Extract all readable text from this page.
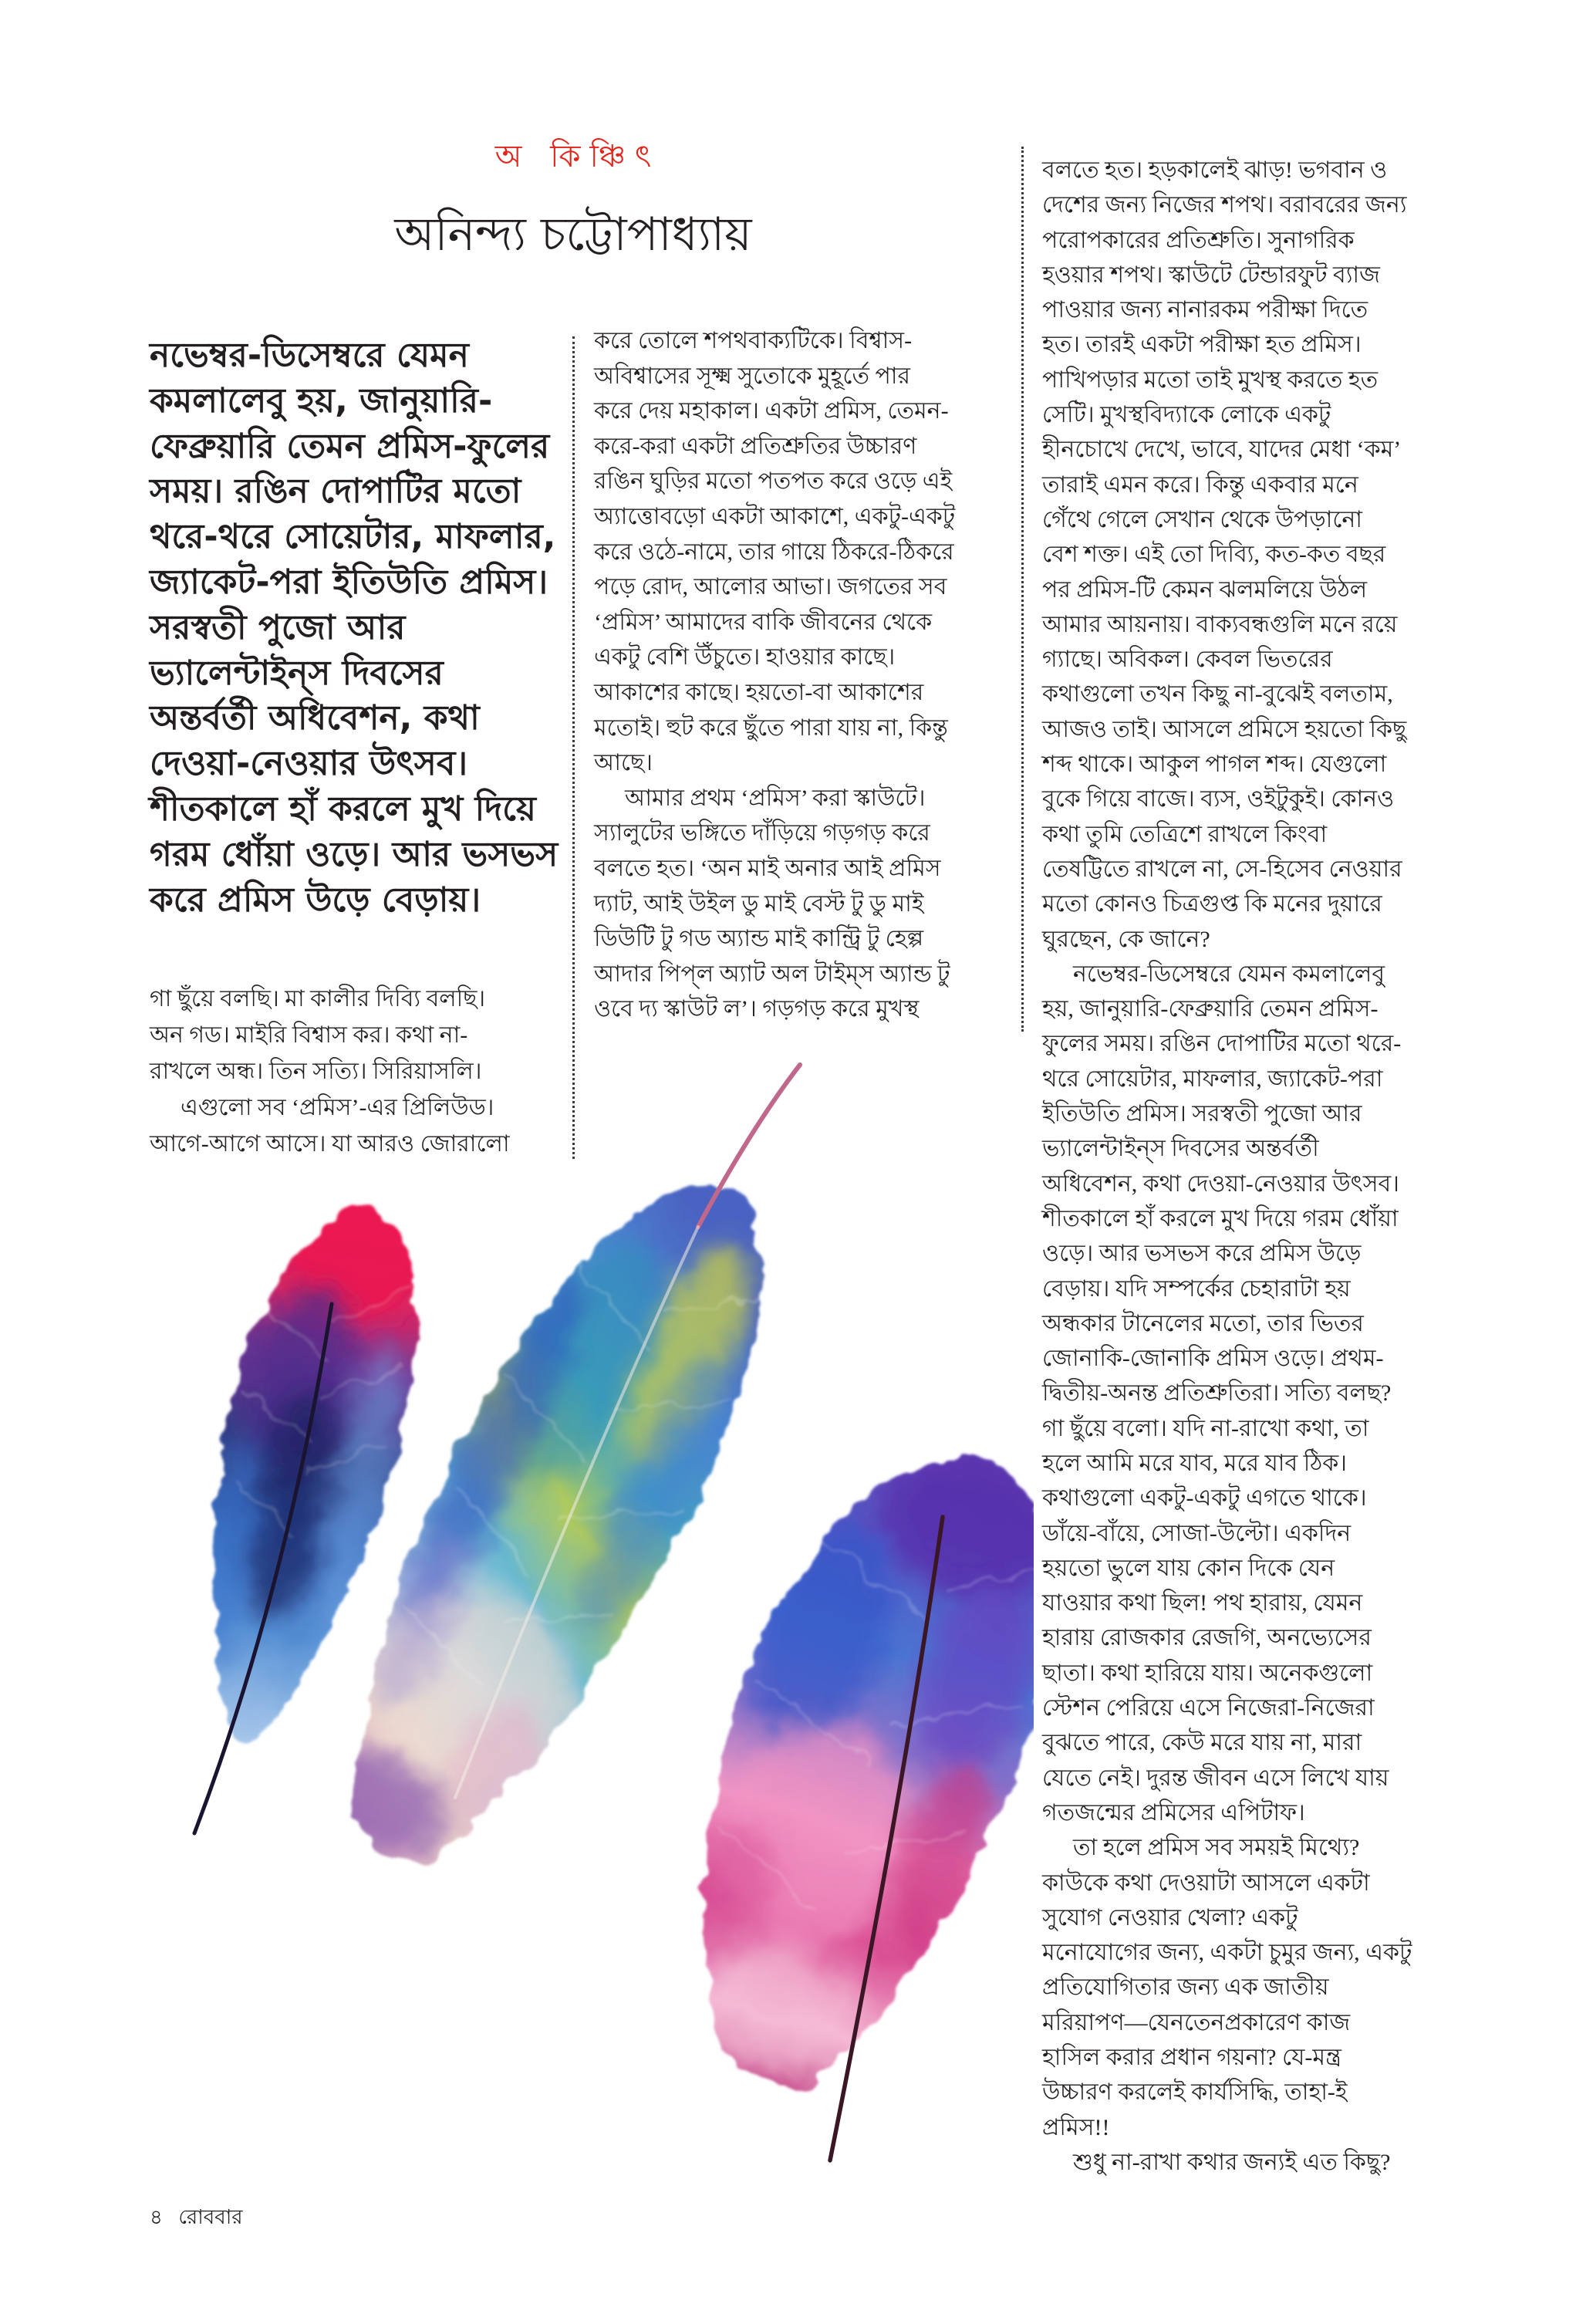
অ কিঞ্চিৎ
অনিন্দ্য চট্টোপাধ্যায়
নভেম্বর-ডিসেম্বরে যেমন
কমলালেবু হয়, জানুয়ারি-
ফেব্রুয়ারি তেমন প্রমিস-ফুলের
সময়। রঙিন দোপাটির মতো
থরে-থরে সোয়েটার, মাফলার,
জ্যাকেট-পরা ইতিউতি প্রমিস।
সরস্বতী পুজো আর
ভ্যালেন্টাইন্‌স দিবসের
অন্তর্বর্তী অধিবেশন, কথা
দেওয়া-নেওয়ার উৎসব।
শীতকালে হাঁ করলে মুখ দিয়ে
গরম ধোঁয়া ওড়ে। আর ভসভস
করে প্রমিস উড়ে বেড়ায়।
গা ছুঁয়ে বলছি। মা কালীর দিব্যি বলছি।
অন গড। মাইরি বিশ্বাস কর। কথা না-
রাখলে অন্ধ। তিন সত্যি। সিরিয়াসলি।
এগুলো সব ‘প্রমিস’-এর প্রিলিউড।
আগে-আগে আসে। যা আরও জোরালো
করে তোলে শপথবাক্যটিকে। বিশ্বাস-
অবিশ্বাসের সূক্ষ্ম সুতোকে মুহূর্তে পার
করে দেয় মহাকাল। একটা প্রমিস, তেমন-
করে-করা একটা প্রতিশ্রুতির উচ্চারণ
রঙিন ঘুড়ির মতো পতপত করে ওড়ে এই
অ্যাত্তোবড়ো একটা আকাশে, একটু-একটু
করে ওঠে-নামে, তার গায়ে ঠিকরে-ঠিকরে
পড়ে রোদ, আলোর আভা। জগতের সব
‘প্রমিস’ আমাদের বাকি জীবনের থেকে
একটু বেশি উঁচুতে। হাওয়ার কাছে।
আকাশের কাছে। হয়তো-বা আকাশের
মতোই। হুট করে ছুঁতে পারা যায় না, কিন্তু
আছে।
আমার প্রথম ‘প্রমিস’ করা স্কাউটে।
স্যালুটের ভঙ্গিতে দাঁড়িয়ে গড়গড় করে
বলতে হত। ‘অন মাই অনার আই প্রমিস
দ্যাট, আই উইল ডু মাই বেস্ট টু ডু মাই
ডিউটি টু গড অ্যান্ড মাই কান্ট্রি টু হেল্প
আদার পিপ্‌ল অ্যাট অল টাইম্‌স অ্যান্ড টু
ওবে দ্য স্কাউট ল’। গড়গড় করে মুখস্থ
বলতে হত। হড়কালেই ঝাড়! ভগবান ও
দেশের জন্য নিজের শপথ। বরাবরের জন্য
পরোপকারের প্রতিশ্রুতি। সুনাগরিক
হওয়ার শপথ। স্কাউটে টেন্ডারফুট ব্যাজ
পাওয়ার জন্য নানারকম পরীক্ষা দিতে
হত। তারই একটা পরীক্ষা হত প্রমিস।
পাখিপড়ার মতো তাই মুখস্থ করতে হত
সেটি। মুখস্থবিদ্যাকে লোকে একটু
হীনচোখে দেখে, ভাবে, যাদের মেধা ‘কম’
তারাই এমন করে। কিন্তু একবার মনে
গেঁথে গেলে সেখান থেকে উপড়ানো
বেশ শক্ত। এই তো দিব্যি, কত-কত বছর
পর প্রমিস-টি কেমন ঝলমলিয়ে উঠল
আমার আয়নায়। বাক্যবন্ধগুলি মনে রয়ে
গ্যাছে। অবিকল। কেবল ভিতরের
কথাগুলো তখন কিছু না-বুঝেই বলতাম,
আজও তাই। আসলে প্রমিসে হয়তো কিছু
শব্দ থাকে। আকুল পাগল শব্দ। যেগুলো
বুকে গিয়ে বাজে। ব্যস, ওইটুকুই। কোনও
কথা তুমি তেত্রিশে রাখলে কিংবা
তেষট্টিতে রাখলে না, সে-হিসেব নেওয়ার
মতো কোনও চিত্রগুপ্ত কি মনের দুয়ারে
ঘুরছেন, কে জানে?
নভেম্বর-ডিসেম্বরে যেমন কমলালেবু
হয়, জানুয়ারি-ফেব্রুয়ারি তেমন প্রমিস-
ফুলের সময়। রঙিন দোপাটির মতো থরে-
থরে সোয়েটার, মাফলার, জ্যাকেট-পরা
ইতিউতি প্রমিস। সরস্বতী পুজো আর
ভ্যালেন্টাইন্‌স দিবসের অন্তর্বর্তী
অধিবেশন, কথা দেওয়া-নেওয়ার উৎসব।
শীতকালে হাঁ করলে মুখ দিয়ে গরম ধোঁয়া
ওড়ে। আর ভসভস করে প্রমিস উড়ে
বেড়ায়। যদি সম্পর্কের চেহারাটা হয়
অন্ধকার টানেলের মতো, তার ভিতর
জোনাকি-জোনাকি প্রমিস ওড়ে। প্রথম-
দ্বিতীয়-অনন্ত প্রতিশ্রুতিরা। সত্যি বলছ?
গা ছুঁয়ে বলো। যদি না-রাখো কথা, তা
হলে আমি মরে যাব, মরে যাব ঠিক।
কথাগুলো একটু-একটু এগতে থাকে।
ডাঁয়ে-বাঁয়ে, সোজা-উল্টো। একদিন
হয়তো ভুলে যায় কোন দিকে যেন
যাওয়ার কথা ছিল! পথ হারায়, যেমন
হারায় রোজকার রেজগি, অনভ্যেসের
ছাতা। কথা হারিয়ে যায়। অনেকগুলো
স্টেশন পেরিয়ে এসে নিজেরা-নিজেরা
বুঝতে পারে, কেউ মরে যায় না, মারা
যেতে নেই। দুরন্ত জীবন এসে লিখে যায়
গতজন্মের প্রমিসের এপিটাফ।
তা হলে প্রমিস সব সময়ই মিথ্যে?
কাউকে কথা দেওয়াটা আসলে একটা
সুযোগ নেওয়ার খেলা? একটু
মনোযোগের জন্য, একটা চুমুর জন্য, একটু
প্রতিযোগিতার জন্য এক জাতীয়
মরিয়াপণ—যেনতেনপ্রকারেণ কাজ
হাসিল করার প্রধান গয়না? যে-মন্ত্র
উচ্চারণ করলেই কার্যসিদ্ধি, তাহা-ই
প্রমিস!!
শুধু না-রাখা কথার জন্যই এত কিছু?
৪ রোববার
